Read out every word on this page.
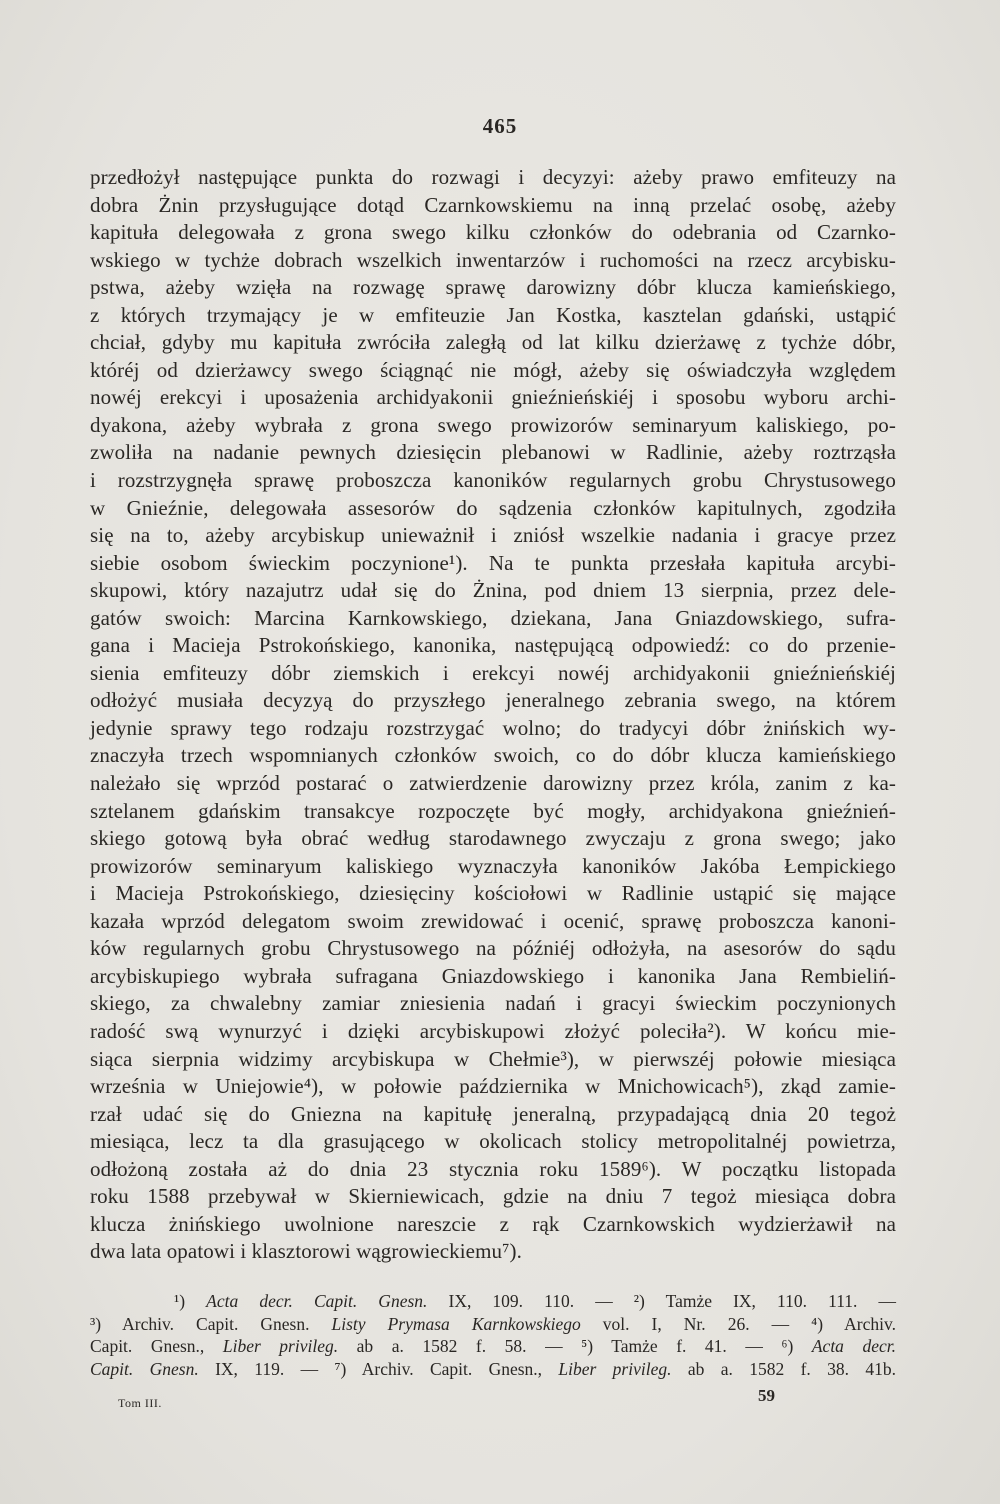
465
przedłożył następujące punkta do rozwagi i decyzyi: ażeby prawo emfiteuzy na
dobra Żnin przysługujące dotąd Czarnkowskiemu na inną przelać osobę, ażeby
kapituła delegowała z grona swego kilku członków do odebrania od Czarnko-
wskiego w tychże dobrach wszelkich inwentarzów i ruchomości na rzecz arcybisku-
pstwa, ażeby wzięła na rozwagę sprawę darowizny dóbr klucza kamieńskiego,
z których trzymający je w emfiteuzie Jan Kostka, kasztelan gdański, ustąpić
chciał, gdyby mu kapituła zwróciła zaległą od lat kilku dzierżawę z tychże dóbr,
któréj od dzierżawcy swego ściągnąć nie mógł, ażeby się oświadczyła względem
nowéj erekcyi i uposażenia archidyakonii gnieźnieńskiéj i sposobu wyboru archi-
dyakona, ażeby wybrała z grona swego prowizorów seminaryum kaliskiego, po-
zwoliła na nadanie pewnych dziesięcin plebanowi w Radlinie, ażeby roztrząsła
i rozstrzygnęła sprawę proboszcza kanoników regularnych grobu Chrystusowego
w Gnieźnie, delegowała assesorów do sądzenia członków kapitulnych, zgodziła
się na to, ażeby arcybiskup unieważnił i zniósł wszelkie nadania i gracye przez
siebie osobom świeckim poczynione¹). Na te punkta przesłała kapituła arcybi-
skupowi, który nazajutrz udał się do Żnina, pod dniem 13 sierpnia, przez dele-
gatów swoich: Marcina Karnkowskiego, dziekana, Jana Gniazdowskiego, sufra-
gana i Macieja Pstrokońskiego, kanonika, następującą odpowiedź: co do przenie-
sienia emfiteuzy dóbr ziemskich i erekcyi nowéj archidyakonii gnieźnieńskiéj
odłożyć musiała decyzyą do przyszłego jeneralnego zebrania swego, na którem
jedynie sprawy tego rodzaju rozstrzygać wolno; do tradycyi dóbr żnińskich wy-
znaczyła trzech wspomnianych członków swoich, co do dóbr klucza kamieńskiego
należało się wprzód postarać o zatwierdzenie darowizny przez króla, zanim z ka-
sztelanem gdańskim transakcye rozpoczęte być mogły, archidyakona gnieźnień-
skiego gotową była obrać według starodawnego zwyczaju z grona swego; jako
prowizorów seminaryum kaliskiego wyznaczyła kanoników Jakóba Łempickiego
i Macieja Pstrokońskiego, dziesięciny kościołowi w Radlinie ustąpić się mające
kazała wprzód delegatom swoim zrewidować i ocenić, sprawę proboszcza kanoni-
ków regularnych grobu Chrystusowego na późniéj odłożyła, na asesorów do sądu
arcybiskupiego wybrała sufragana Gniazdowskiego i kanonika Jana Rembieliń-
skiego, za chwalebny zamiar zniesienia nadań i gracyi świeckim poczynionych
radość swą wynurzyć i dzięki arcybiskupowi złożyć poleciła²). W końcu mie-
siąca sierpnia widzimy arcybiskupa w Chełmie³), w pierwszéj połowie miesiąca
września w Uniejowie⁴), w połowie października w Mnichowicach⁵), zkąd zamie-
rzał udać się do Gniezna na kapitułę jeneralną, przypadającą dnia 20 tegoż
miesiąca, lecz ta dla grasującego w okolicach stolicy metropolitalnéj powietrza,
odłożoną została aż do dnia 23 stycznia roku 1589⁶). W początku listopada
roku 1588 przebywał w Skierniewicach, gdzie na dniu 7 tegoż miesiąca dobra
klucza żnińskiego uwolnione nareszcie z rąk Czarnkowskich wydzierżawił na
dwa lata opatowi i klasztorowi wągrowieckiemu⁷).
¹) Acta decr. Capit. Gnesn. IX, 109. 110. — ²) Tamże IX, 110. 111. —
³) Archiv. Capit. Gnesn. Listy Prymasa Karnkowskiego vol. I, Nr. 26. — ⁴) Archiv.
Capit. Gnesn., Liber privileg. ab a. 1582 f. 58. — ⁵) Tamże f. 41. — ⁶) Acta decr.
Capit. Gnesn. IX, 119. — ⁷) Archiv. Capit. Gnesn., Liber privileg. ab a. 1582 f. 38. 41b.
59
Tom III.
